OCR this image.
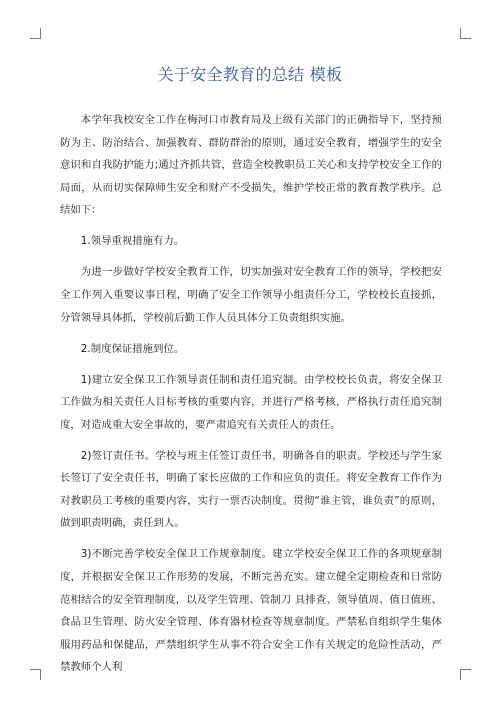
关于安全教育的总结 模板

本学年我校安全工作在梅河口市教育局及上级有关部门的正确指导下，坚持预防为主、防治结合、加强教育、群防群治的原则，通过安全教育，增强学生的安全意识和自我防护能力;通过齐抓共管，营造全校教职员工关心和支持学校安全工作的局面，从而切实保障师生安全和财产不受损失，维护学校正常的教育教学秩序。总结如下：

1.领导重视措施有力。

为进一步做好学校安全教育工作，切实加强对安全教育工作的领导，学校把安全工作列入重要议事日程，明确了安全工作领导小组责任分工，学校校长直接抓，分管领导具体抓，学校前后勤工作人员具体分工负责组织实施。

2.制度保证措施到位。

1)建立安全保卫工作领导责任制和责任追究制。由学校校长负责，将安全保卫工作做为相关责任人目标考核的重要内容，并进行严格考核，严格执行责任追究制度，对造成重大安全事故的，要严肃追究有关责任人的责任。

2)签订责任书。学校与班主任签订责任书，明确各自的职责。学校还与学生家长签订了安全责任书，明确了家长应做的工作和应负的责任。将安全教育工作作为对教职员工考核的重要内容，实行一票否决制度。贯彻“谁主管，谁负责”的原则，做到职责明确，责任到人。

3)不断完善学校安全保卫工作规章制度。建立学校安全保卫工作的各项规章制度，并根据安全保卫工作形势的发展，不断完善充实。建立健全定期检查和日常防范相结合的安全管理制度，以及学生管理、管制刀 具排查、领导值周、值日值班、食品卫生管理、防火安全管理、体育器材检查等规章制度。严禁私自组织学生集体服用药品和保健品，严禁组织学生从事不符合安全工作有关规定的危险性活动，严禁教师个人利
